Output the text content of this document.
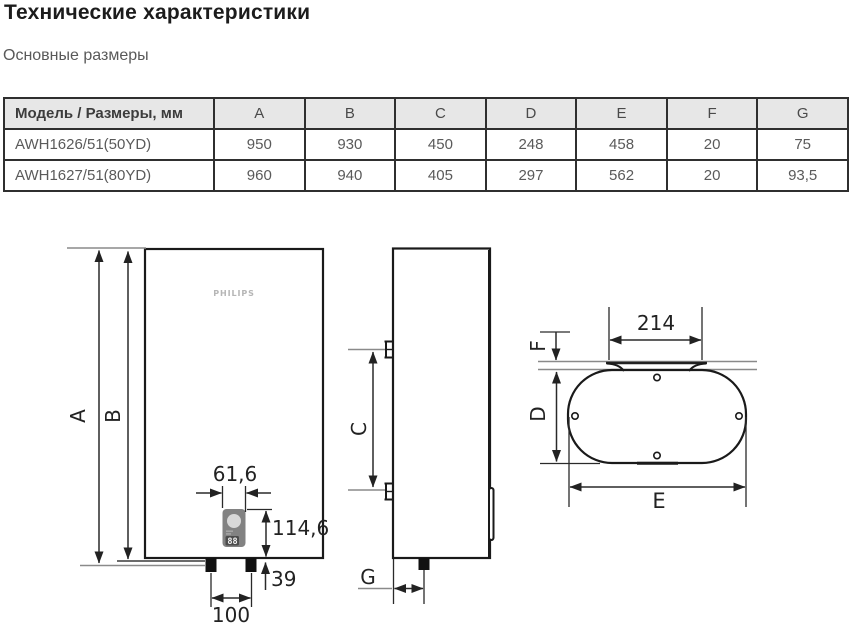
Технические характеристики
Основные размеры
Модель / Размеры, мм	A	B	C	D	E	F	G
AWH1626/51(50YD)	950	930	450	248	458	20	75
AWH1627/51(80YD)	960	940	405	297	562	20	93,5
PHILIPS
A B
88
61,6
114,6
39
100
C
G
214
F
D
E
